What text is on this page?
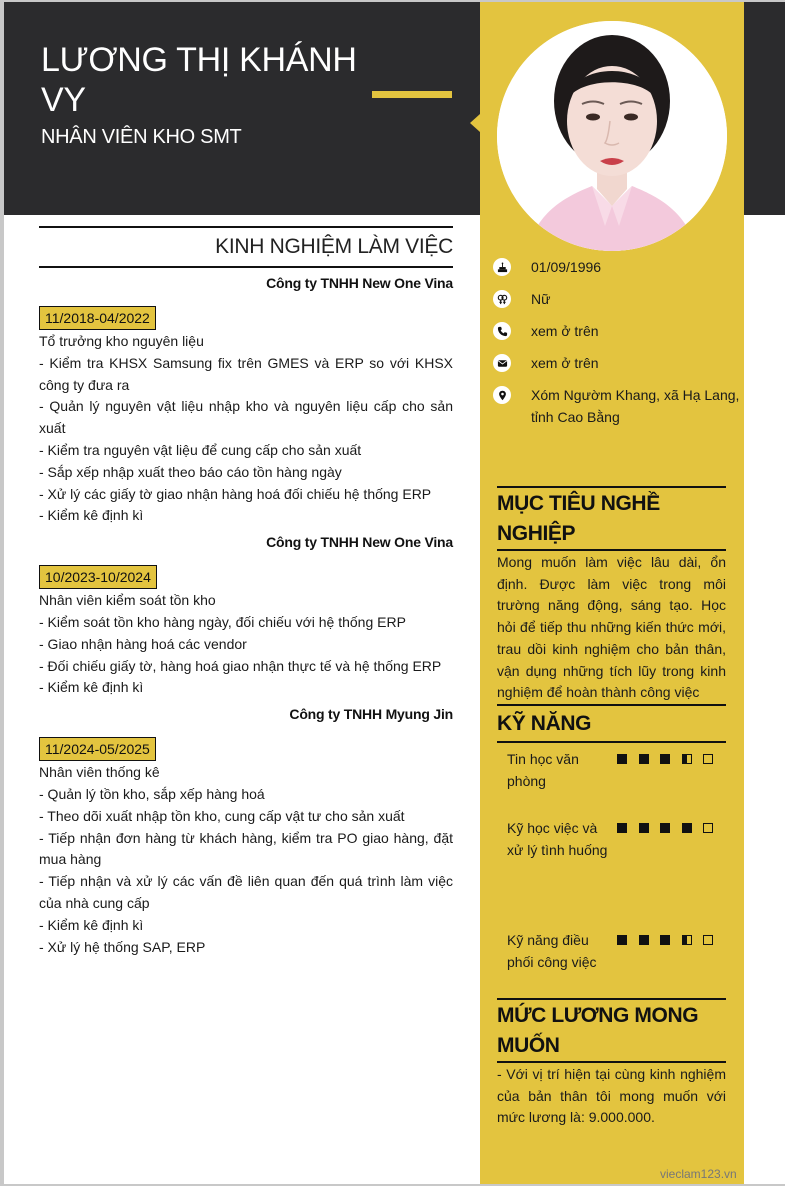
LƯƠNG THỊ KHÁNH VY
NHÂN VIÊN KHO SMT
01/09/1996
Nữ
xem ở trên
xem ở trên
Xóm Ngườm Khang, xã Hạ Lang, tỉnh Cao Bằng
MỤC TIÊU NGHỀ NGHIỆP
Mong muốn làm việc lâu dài, ổn định. Được làm việc trong môi trường năng động, sáng tạo. Học hỏi để tiếp thu những kiến thức mới, trau dồi kinh nghiệm cho bản thân, vận dụng những tích lũy trong kinh nghiệm để hoàn thành công việc
KỸ NĂNG
Tin học văn phòng
Kỹ học việc và xử lý tình huống
Kỹ năng điều phối công việc
MỨC LƯƠNG MONG MUỐN
- Với vị trí hiện tại cùng kinh nghiệm của bản thân tôi mong muốn với mức lương là: 9.000.000.
vieclam123.vn
KINH NGHIỆM LÀM VIỆC
Công ty TNHH New One Vina
11/2018-04/2022
Tổ trưởng kho nguyên liệu
- Kiểm tra KHSX Samsung fix trên GMES và ERP so với KHSX công ty đưa ra
- Quản lý nguyên vật liệu nhập kho và nguyên liệu cấp cho sản xuất
- Kiểm tra nguyên vật liệu để cung cấp cho sản xuất
- Sắp xếp nhập xuất theo báo cáo tồn hàng ngày
- Xử lý các giấy tờ giao nhận hàng hoá đối chiếu hệ thống ERP
- Kiểm kê định kì
Công ty TNHH New One Vina
10/2023-10/2024
Nhân viên kiểm soát tồn kho
- Kiểm soát tồn kho hàng ngày, đối chiếu với hệ thống ERP
- Giao nhận hàng hoá các vendor
- Đối chiếu giấy tờ, hàng hoá giao nhận thực tế và hệ thống ERP
- Kiểm kê định kì
Công ty TNHH Myung Jin
11/2024-05/2025
Nhân viên thống kê
- Quản lý tồn kho, sắp xếp hàng hoá
- Theo dõi xuất nhập tồn kho, cung cấp vật tư cho sản xuất
- Tiếp nhận đơn hàng từ khách hàng, kiểm tra PO giao hàng, đặt mua hàng
- Tiếp nhận và xử lý các vấn đề liên quan đến quá trình làm việc của nhà cung cấp
- Kiểm kê định kì
- Xử lý hệ thống SAP, ERP
